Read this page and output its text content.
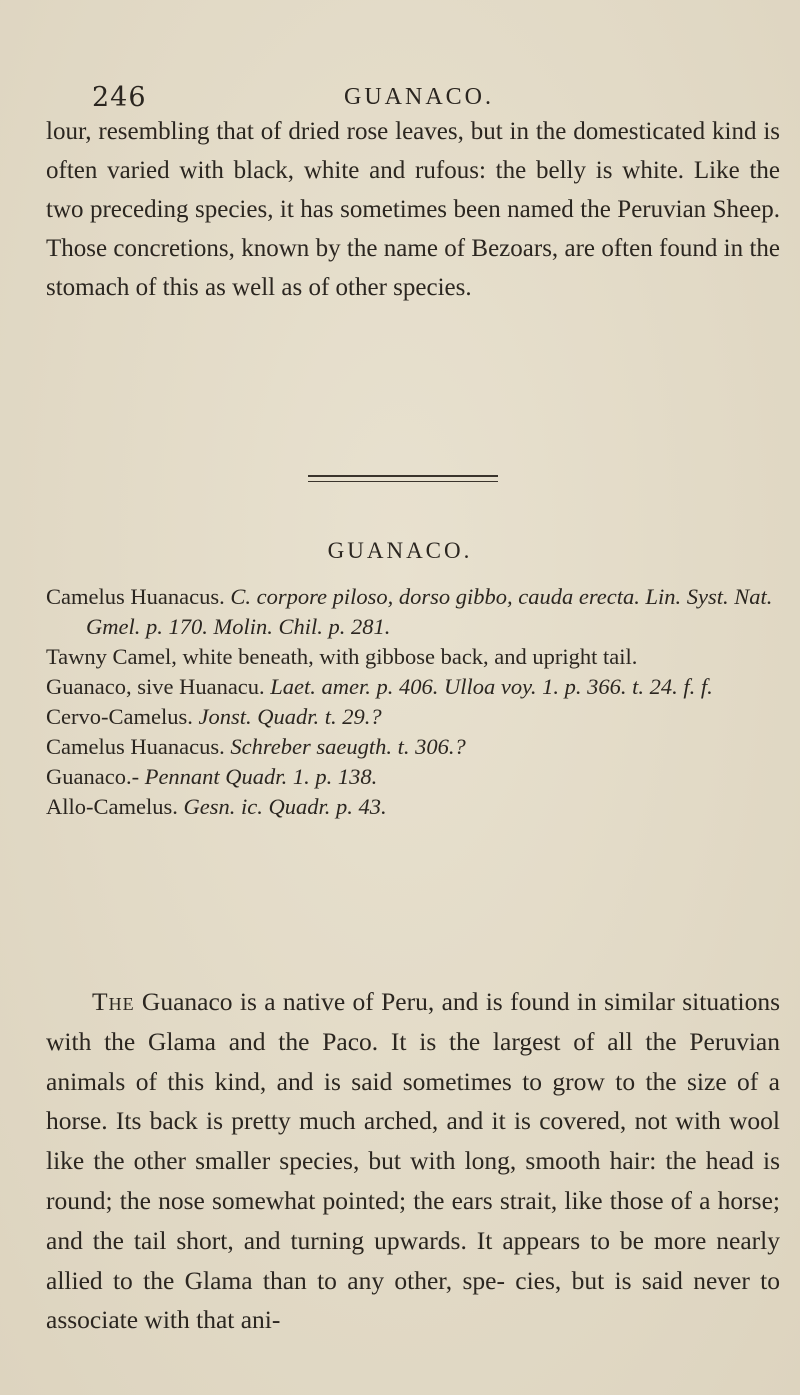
246	GUANACO.
lour, resembling that of dried rose leaves, but in the domesticated kind is often varied with black, white and rufous: the belly is white. Like the two preceding species, it has sometimes been named the Peruvian Sheep. Those concretions, known by the name of Bezoars, are often found in the stomach of this as well as of other species.
GUANACO.

Camelus Huanacus. C. corpore piloso, dorso gibbo, cauda erecta. Lin. Syst. Nat. Gmel. p. 170. Molin. Chil. p. 281.

Tawny Camel, white beneath, with gibbose back, and upright tail.

Guanaco, sive Huanacu. Laet. amer. p. 406. Ulloa voy. 1. p. 366. t. 24. f. f.

Cervo-Camelus. Jonst. Quadr. t. 29.?

Camelus Huanacus. Schreber saeugth. t. 306.?

Guanaco.- Pennant Quadr. 1. p. 138.

Allo-Camelus. Gesn. ic. Quadr. p. 43.

The Guanaco is a native of Peru, and is found in similar situations with the Glama and the Paco. It is the largest of all the Peruvian animals of this kind, and is said sometimes to grow to the size of a horse. Its back is pretty much arched, and it is covered, not with wool like the other smaller species, but with long, smooth hair: the head is round; the nose somewhat pointed; the ears strait, like those of a horse; and the tail short, and turning upwards. It appears to be more nearly allied to the Glama than to any other, spe- cies, but is said never to associate with that ani-
